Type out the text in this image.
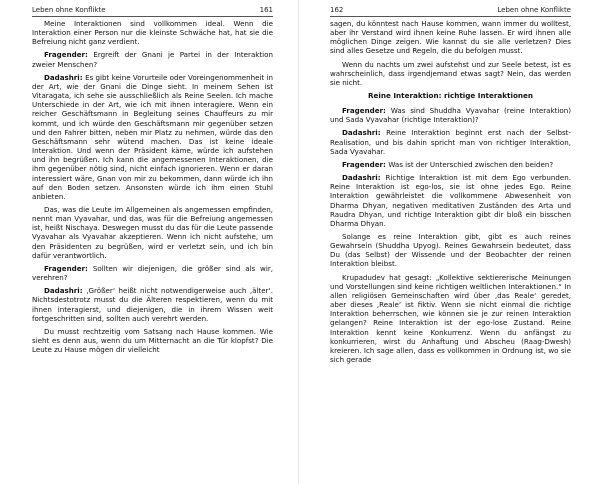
Leben ohne Konflikte	161

Meine Interaktionen sind vollkommen ideal. Wenn die Interaktion einer Person nur die kleinste Schwäche hat, hat sie die Befreiung nicht ganz verdient.

Fragender: Ergreift der Gnani je Partei in der Interaktion zweier Menschen?

Dadashri: Es gibt keine Vorurteile oder Voreingenommenheit in der Art, wie der Gnani die Dinge sieht. In meinem Sehen ist Vitaragata, ich sehe sie ausschließlich als Reine Seelen. Ich mache Unterschiede in der Art, wie ich mit ihnen interagiere. Wenn ein reicher Geschäftsmann in Begleitung seines Chauffeurs zu mir kommt, und ich würde den Geschäftsmann mir gegenüber setzen und den Fahrer bitten, neben mir Platz zu nehmen, würde das den Geschäftsmann sehr wütend machen. Das ist keine ideale Interaktion. Und wenn der Präsident käme, würde ich aufstehen und ihn begrüßen. Ich kann die angemessenen Interaktionen, die ihm gegenüber nötig sind, nicht einfach ignorieren. Wenn er daran interessiert wäre, Gnan von mir zu bekommen, dann würde ich ihn auf den Boden setzen. Ansonsten würde ich ihm einen Stuhl anbieten.

Das, was die Leute im Allgemeinen als angemessen empfinden, nennt man Vyavahar, und das, was für die Befreiung angemessen ist, heißt Nischaya. Deswegen musst du das für die Leute passende Vyavahar als Vyavahar akzeptieren. Wenn ich nicht aufstehe, um den Präsidenten zu begrüßen, wird er verletzt sein, und ich bin dafür verantwortlich.

Fragender: Sollten wir diejenigen, die größer sind als wir, verehren?

Dadashri: ‚Größer‘ heißt nicht notwendigerweise auch ‚älter‘. Nichtsdestotrotz musst du die Älteren respektieren, wenn du mit ihnen interagierst, und diejenigen, die in ihrem Wissen weit fortgeschritten sind, sollten auch verehrt werden.

Du musst rechtzeitig vom Satsang nach Hause kommen. Wie sieht es denn aus, wenn du um Mitternacht an die Tür klopfst? Die Leute zu Hause mögen dir vielleicht

162	Leben ohne Konflikte

sagen, du könntest nach Hause kommen, wann immer du wolltest, aber ihr Verstand wird ihnen keine Ruhe lassen. Er wird ihnen alle möglichen Dinge zeigen. Wie kannst du sie alle verletzen? Dies sind alles Gesetze und Regeln, die du befolgen musst.

Wenn du nachts um zwei aufstehst und zur Seele betest, ist es wahrscheinlich, dass irgendjemand etwas sagt? Nein, das werden sie nicht.

Reine Interaktion: richtige Interaktionen

Fragender: Was sind Shuddha Vyavahar (reine Interaktion) und Sada Vyavahar (richtige Interaktion)?

Dadashri: Reine Interaktion beginnt erst nach der Selbst-Realisation, und bis dahin spricht man von richtiger Interaktion, Sada Vyavahar.

Fragender: Was ist der Unterschied zwischen den beiden?

Dadashri: Richtige Interaktion ist mit dem Ego verbunden. Reine Interaktion ist ego-los, sie ist ohne jedes Ego. Reine Interaktion gewährleistet die vollkommene Abwesenheit von Dharma Dhyan, negativen meditativen Zuständen des Arta und Raudra Dhyan, und richtige Interaktion gibt dir bloß ein bisschen Dharma Dhyan.

Solange es reine Interaktion gibt, gibt es auch reines Gewahrsein (Shuddha Upyog). Reines Gewahrsein bedeutet, dass Du (das Selbst) der Wissende und der Beobachter der reinen Interaktion bleibst.

Krupadudev hat gesagt: „Kollektive sektiererische Meinungen und Vorstellungen sind keine richtigen weltlichen Interaktionen.“ In allen religiösen Gemeinschaften wird über ‚das Reale‘ geredet, aber dieses ‚Reale‘ ist fiktiv. Wenn sie nicht einmal die richtige Interaktion beherrschen, wie können sie je zur reinen Interaktion gelangen? Reine Interaktion ist der ego-lose Zustand. Reine Interaktion kennt keine Konkurrenz. Wenn du anfängst zu konkurrieren, wirst du Anhaftung und Abscheu (Raag-Dwesh) kreieren. Ich sage allen, dass es vollkommen in Ordnung ist, wo sie sich gerade
